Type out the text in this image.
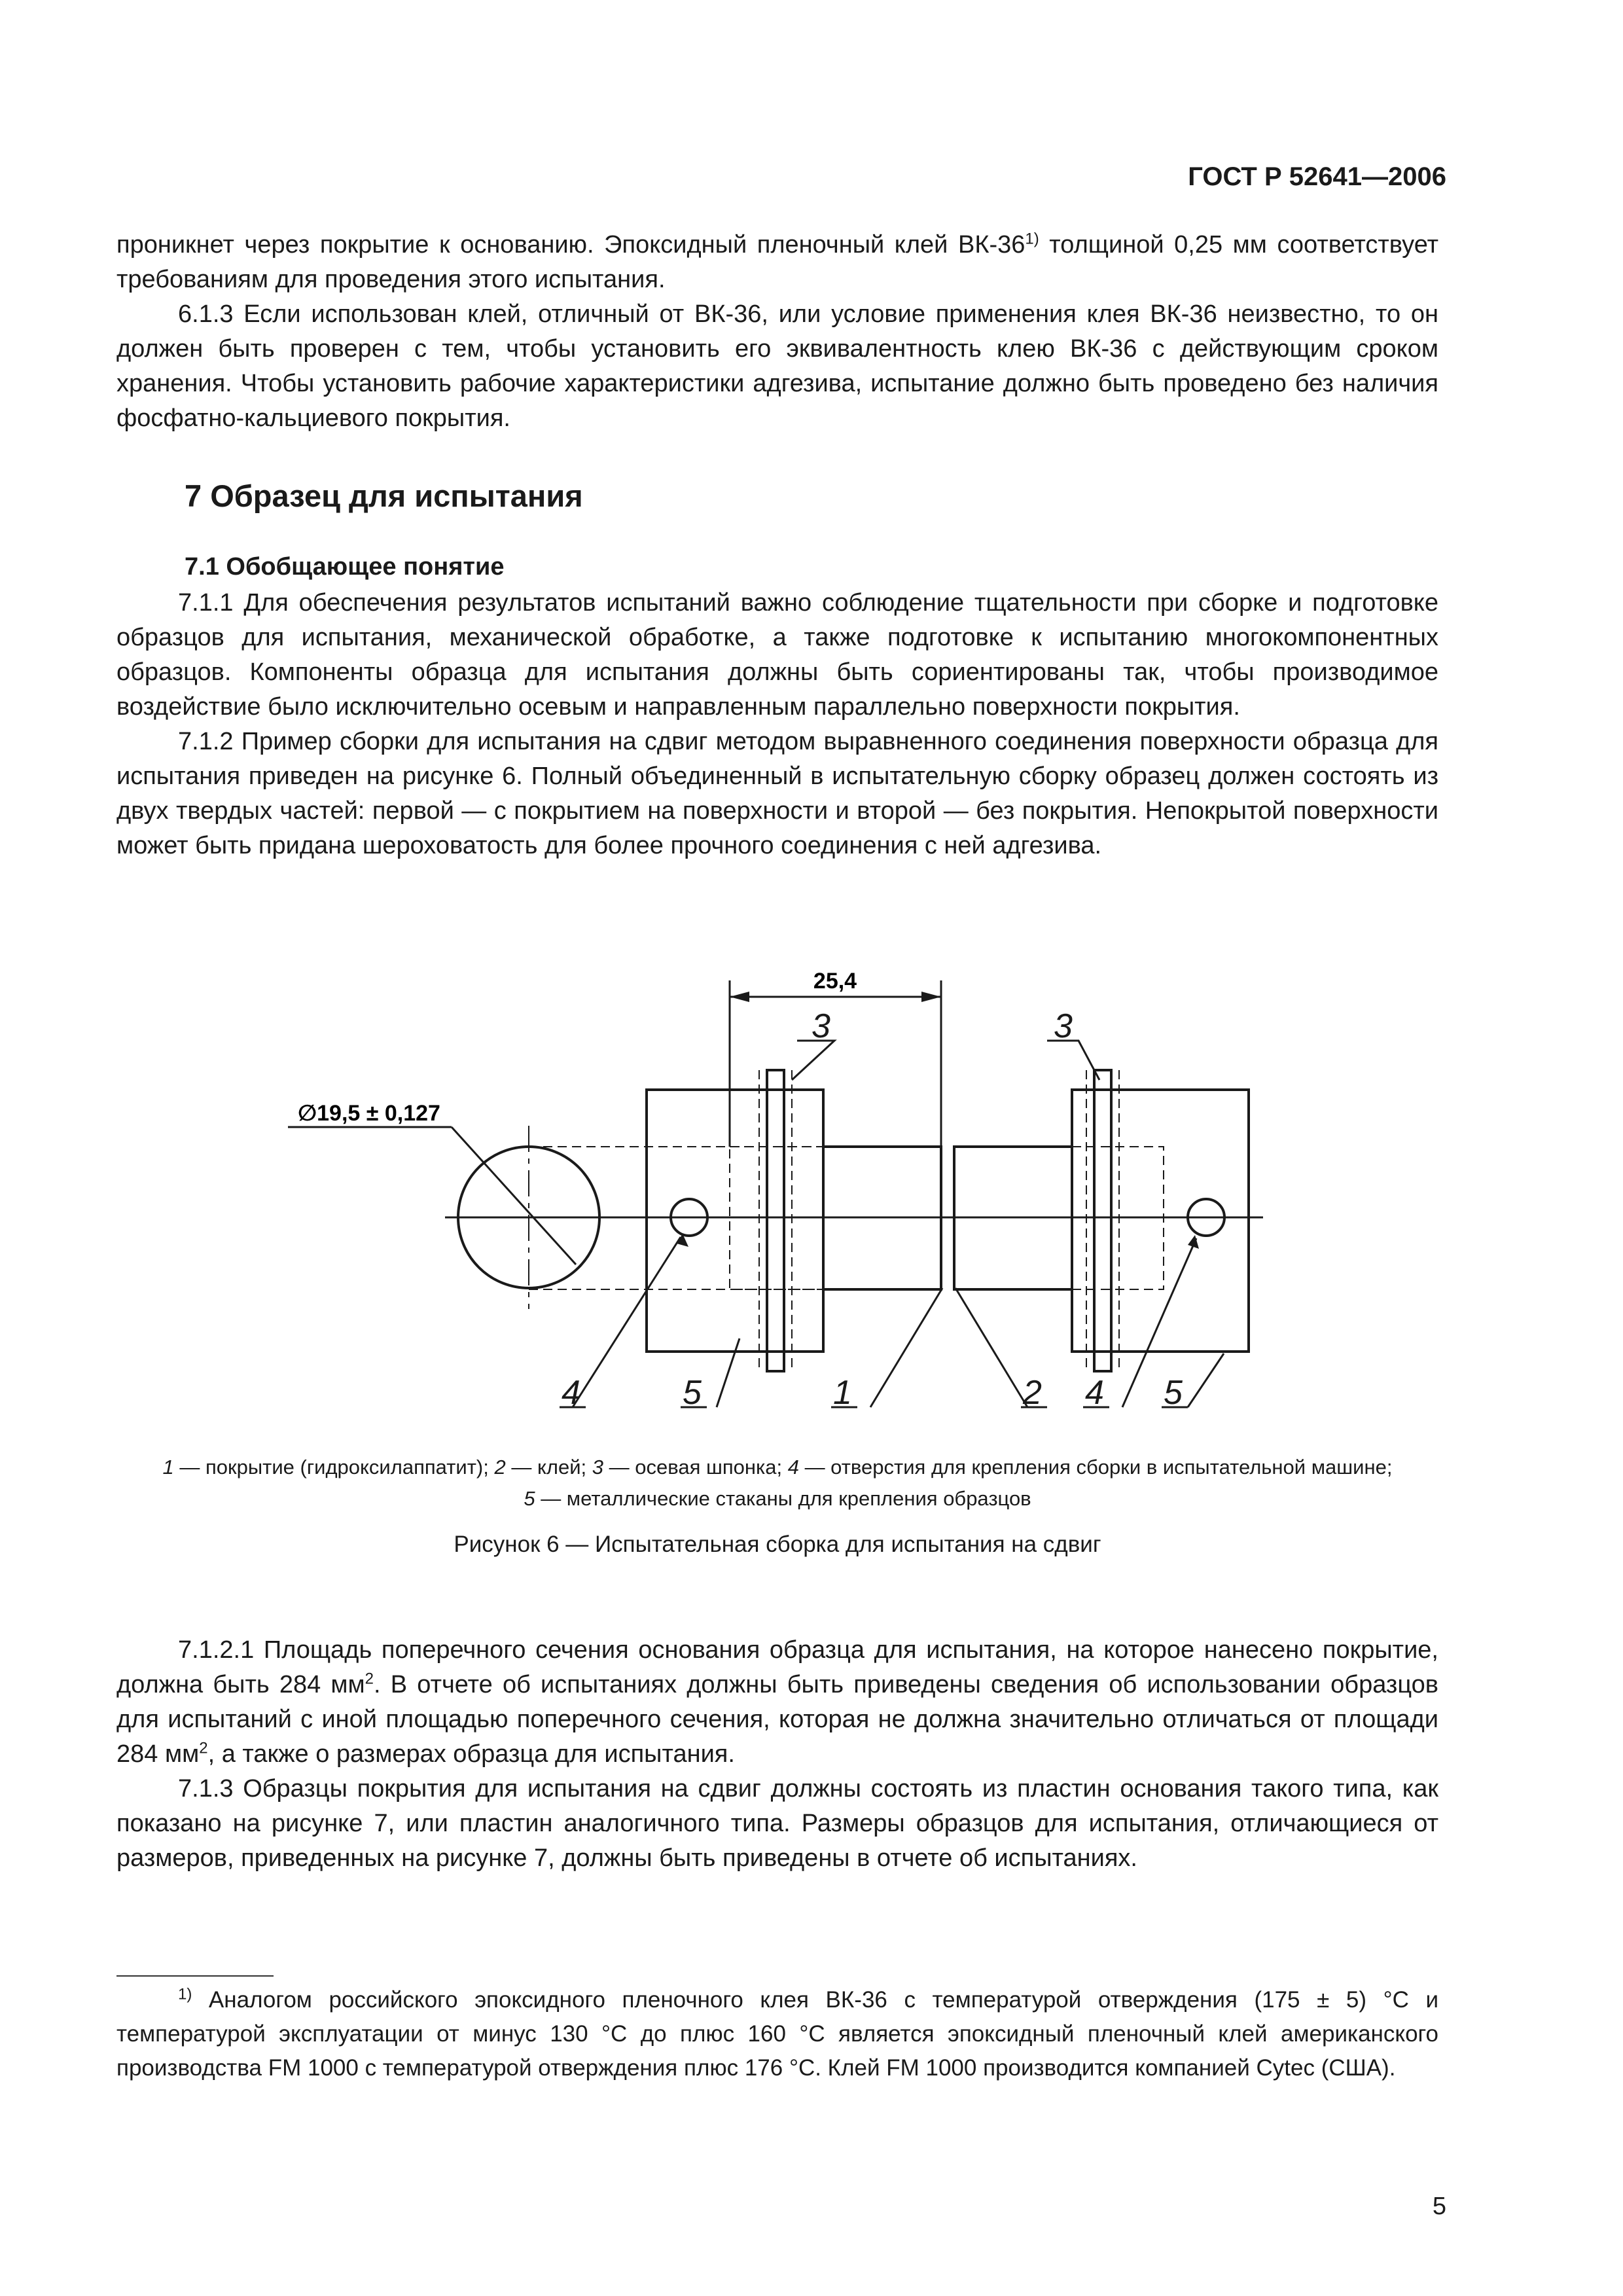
ГОСТ Р 52641—2006

проникнет через покрытие к основанию. Эпоксидный пленочный клей ВК-36$^{1)}$ толщиной 0,25 мм соответствует требованиям для проведения этого испытания.

6.1.3 Если использован клей, отличный от ВК-36, или условие применения клея ВК-36 неизвестно, то он должен быть проверен с тем, чтобы установить его эквивалентность клею ВК-36 с действующим сроком хранения. Чтобы установить рабочие характеристики адгезива, испытание должно быть проведено без наличия фосфатно-кальциевого покрытия.

7 Образец для испытания
7.1 Обобщающее понятие

7.1.1 Для обеспечения результатов испытаний важно соблюдение тщательности при сборке и подготовке образцов для испытания, механической обработке, а также подготовке к испытанию многокомпонентных образцов. Компоненты образца для испытания должны быть сориентированы так, чтобы производимое воздействие было исключительно осевым и направленным параллельно поверхности покрытия.

7.1.2 Пример сборки для испытания на сдвиг методом выравненного соединения поверхности образца для испытания приведен на рисунке 6. Полный объединенный в испытательную сборку образец должен состоять из двух твердых частей: первой — с покрытием на поверхности и второй — без покрытия. Непокрытой поверхности может быть придана шероховатость для более прочного соединения с ней адгезива.

25,4
∅19,5 ± 0,127
3	3
4	5	1	2 4 5
1 — покрытие (гидроксилаппатит); 2 — клей; 3 — осевая шпонка; 4 — отверстия для крепления сборки в испытательной машине;
5 — металлические стаканы для крепления образцов
Рисунок 6 — Испытательная сборка для испытания на сдвиг

7.1.2.1 Площадь поперечного сечения основания образца для испытания, на которое нанесено покрытие, должна быть 284 $мм^2$. В отчете об испытаниях должны быть приведены сведения об использовании образцов для испытаний с иной площадью поперечного сечения, которая не должна значительно отличаться от площади 284 $мм^2$, а также о размерах образца для испытания.

7.1.3 Образцы покрытия для испытания на сдвиг должны состоять из пластин основания такого типа, как показано на рисунке 7, или пластин аналогичного типа. Размеры образцов для испытания, отличающиеся от размеров, приведенных на рисунке 7, должны быть приведены в отчете об испытаниях.

$^{1)}$ Аналогом российского эпоксидного пленочного клея ВК-36 с температурой отверждения (175 ± 5) °С и температурой эксплуатации от минус 130 °С до плюс 160 °С является эпоксидный пленочный клей американского производства FM 1000 с температурой отверждения плюс 176 °С. Клей FM 1000 производится компанией Cytec (США).

5
